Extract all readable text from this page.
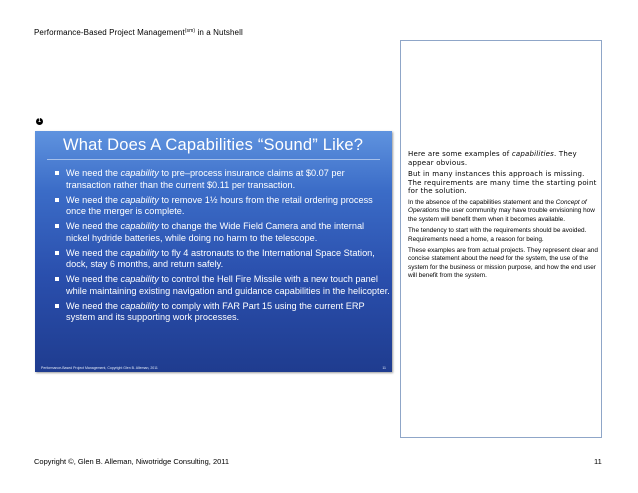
Performance-Based Project Management$^{(sm)}$ in a Nutshell
1
What Does A Capabilities “Sound” Like?
We need the capability to pre–process insurance claims at $0.07 per transaction rather than the current $0.11 per transaction.
We need the capability to remove 1½ hours from the retail ordering process once the merger is complete.
We need the capability to change the Wide Field Camera and the internal nickel hydride batteries, while doing no harm to the telescope.
We need the capability to fly 4 astronauts to the International Space Station, dock, stay 6 months, and return safely.
We need the capability to control the Hell Fire Missile with a new touch panel while maintaining existing navigation and guidance capabilities in the helicopter.
We need the capability to comply with FAR Part 15 using the current ERP system and its supporting work processes.
Performance-Based Project Management, Copyright Glen B. Alleman, 2011	11

Here are some examples of capabilities. They appear obvious.

But in many instances this approach is missing. The requirements are many time the starting point for the solution.

In the absence of the capabilities statement and the Concept of Operations the user community may have trouble envisioning how the system will benefit them when it becomes available.

The tendency to start with the requirements should be avoided. Requirements need a home, a reason for being.

These examples are from actual projects. They represent clear and concise statement about the need for the system, the use of the system for the business or mission purpose, and how the end user will benefit from the system.

Copyright ©, Glen B. Alleman, Niwotridge Consulting, 2011	11
